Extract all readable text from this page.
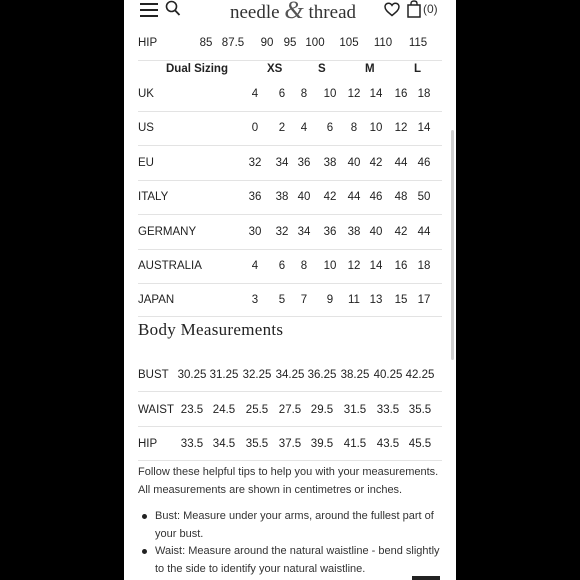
needle & thread	(0)
HIP	85 87.5	90 95 100	105	110	115
Dual Sizing	XS	S	M	L
UK	4	6	8	10 12 14	16 18
US	0	2	4	6	8	10	12 14
EU	32	34 36	38 40 42	44 46
ITALY	36	38 40	42 44 46	48 50
GERMANY	30	32 34	36 38 40	42 44
AUSTRALIA	4	6	8	10 12 14	16 18
JAPAN	3	5	7	9	11 13	15 17
Body Measurements
BUST 30.25 31.25 32.25 34.25 36.25 38.25 40.25 42.25
WAIST 23.5 24.5 25.5 27.5 29.5 31.5 33.5 35.5
HIP	33.5 34.5 35.5 37.5 39.5 41.5 43.5 45.5
Follow these helpful tips to help you with your measurements. All measurements are shown in centimetres or inches.
Bust: Measure under your arms, around the fullest part of your bust.
Waist: Measure around the natural waistline - bend slightly to the side to identify your natural waistline.
